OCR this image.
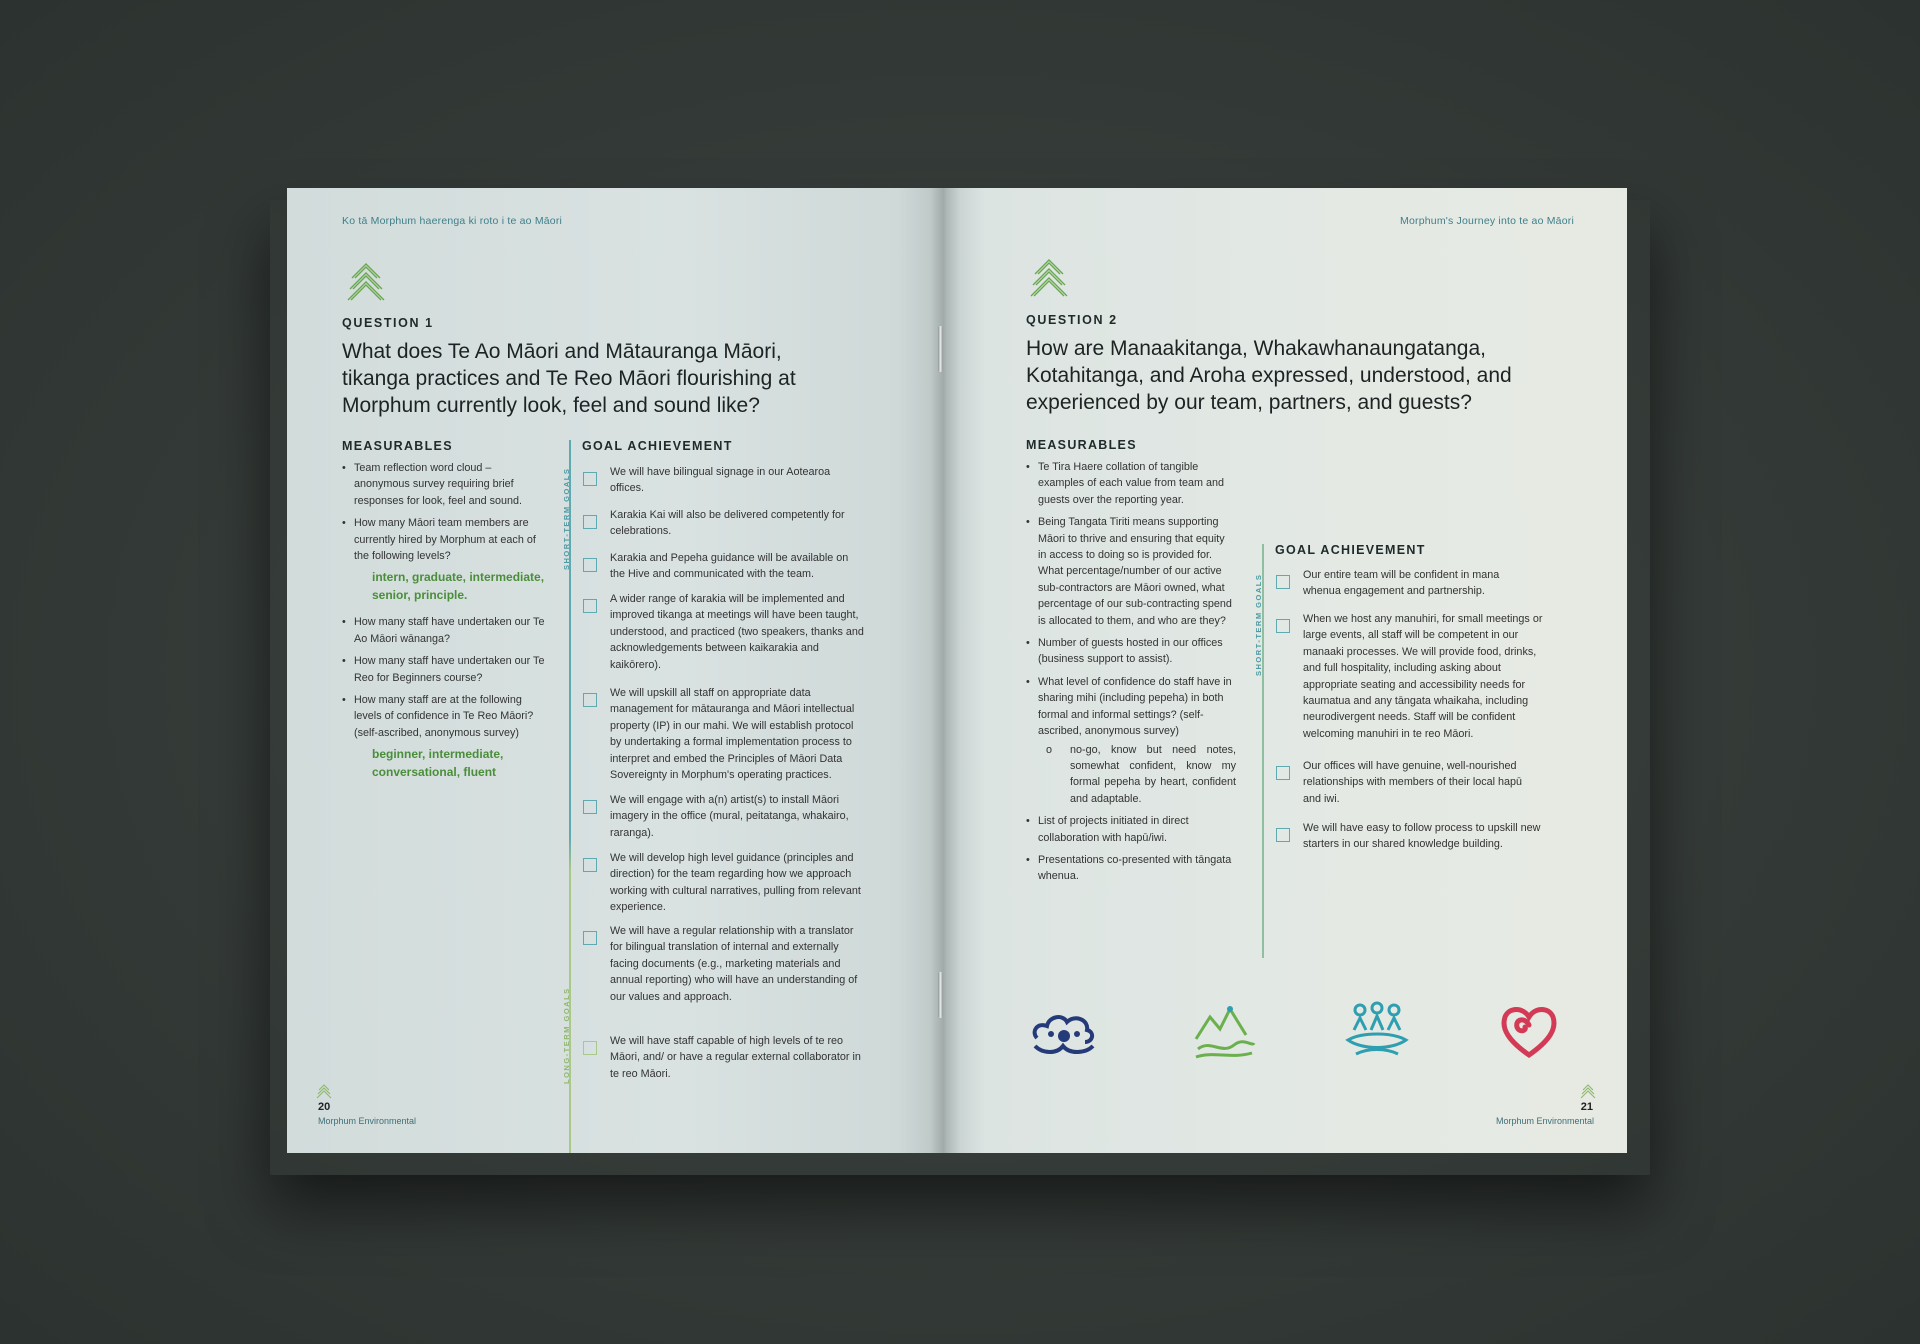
Ko tā Morphum haerenga ki roto i te ao Māori
QUESTION 1
What does Te Ao Māori and Mātauranga Māori,
tikanga practices and Te Reo Māori flourishing at
Morphum currently look, feel and sound like?
MEASURABLES
• Team reflection word cloud – anonymous survey requiring brief responses for look, feel and sound.
• How many Māori team members are currently hired by Morphum at each of the following levels?
intern, graduate, intermediate, senior, principle.
• How many staff have undertaken our Te Ao Māori wānanga?
• How many staff have undertaken our Te Reo for Beginners course?
• How many staff are at the following levels of confidence in Te Reo Māori? (self-ascribed, anonymous survey)
beginner, intermediate, conversational, fluent
GOAL ACHIEVEMENT
SHORT-TERM GOALS
LONG-TERM GOALS
We will have bilingual signage in our Aotearoa offices.
Karakia Kai will also be delivered competently for celebrations.
Karakia and Pepeha guidance will be available on the Hive and communicated with the team.
A wider range of karakia will be implemented and improved tikanga at meetings will have been taught, understood, and practiced (two speakers, thanks and acknowledgements between kaikarakia and kaikōrero).
We will upskill all staff on appropriate data management for mātauranga and Māori intellectual property (IP) in our mahi. We will establish protocol by undertaking a formal implementation process to interpret and embed the Principles of Māori Data Sovereignty in Morphum's operating practices.
We will engage with a(n) artist(s) to install Māori imagery in the office (mural, peitatanga, whakairo, raranga).
We will develop high level guidance (principles and direction) for the team regarding how we approach working with cultural narratives, pulling from relevant experience.
We will have a regular relationship with a translator for bilingual translation of internal and externally facing documents (e.g., marketing materials and annual reporting) who will have an understanding of our values and approach.
We will have staff capable of high levels of te reo Māori, and/ or have a regular external collaborator in te reo Māori.
20
Morphum Environmental
Morphum's Journey into te ao Māori
QUESTION 2
How are Manaakitanga, Whakawhanaungatanga,
Kotahitanga, and Aroha expressed, understood, and
experienced by our team, partners, and guests?
MEASURABLES
• Te Tira Haere collation of tangible examples of each value from team and guests over the reporting year.
• Being Tangata Tiriti means supporting Māori to thrive and ensuring that equity in access to doing so is provided for. What percentage/number of our active sub-contractors are Māori owned, what percentage of our sub-contracting spend is allocated to them, and who are they?
• Number of guests hosted in our offices (business support to assist).
• What level of confidence do staff have in sharing mihi (including pepeha) in both formal and informal settings? (self-ascribed, anonymous survey)
o no-go, know but need notes, somewhat confident, know my formal pepeha by heart, confident and adaptable.
• List of projects initiated in direct collaboration with hapū/iwi.
• Presentations co-presented with tāngata whenua.
SHORT-TERM GOALS
GOAL ACHIEVEMENT
Our entire team will be confident in mana whenua engagement and partnership.
When we host any manuhiri, for small meetings or large events, all staff will be competent in our manaaki processes. We will provide food, drinks, and full hospitality, including asking about appropriate seating and accessibility needs for kaumatua and any tāngata whaikaha, including neurodivergent needs. Staff will be confident welcoming manuhiri in te reo Māori.
Our offices will have genuine, well-nourished relationships with members of their local hapū and iwi.
We will have easy to follow process to upskill new starters in our shared knowledge building.
21
Morphum Environmental
